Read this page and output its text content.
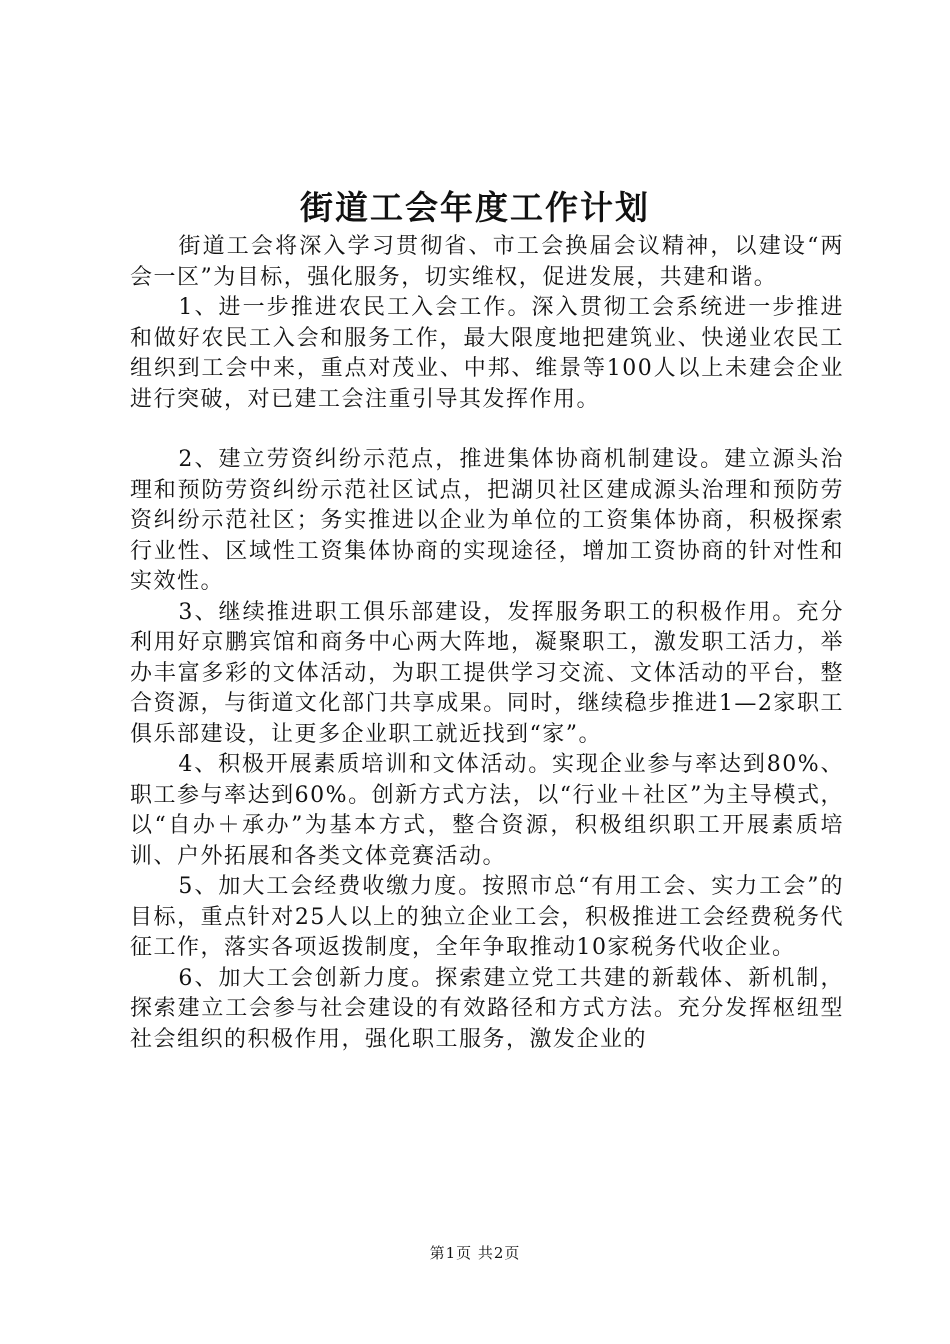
街道工会年度工作计划

街道工会将深入学习贯彻省、市工会换届会议精神，以建设“两会一区”为目标，强化服务，切实维权，促进发展，共建和谐。

1、进一步推进农民工入会工作。深入贯彻工会系统进一步推进和做好农民工入会和服务工作，最大限度地把建筑业、快递业农民工组织到工会中来，重点对茂业、中邦、维景等100人以上未建会企业进行突破，对已建工会注重引导其发挥作用。

2、建立劳资纠纷示范点，推进集体协商机制建设。建立源头治理和预防劳资纠纷示范社区试点，把湖贝社区建成源头治理和预防劳资纠纷示范社区；务实推进以企业为单位的工资集体协商，积极探索行业性、区域性工资集体协商的实现途径，增加工资协商的针对性和实效性。

3、继续推进职工俱乐部建设，发挥服务职工的积极作用。充分利用好京鹏宾馆和商务中心两大阵地，凝聚职工，激发职工活力，举办丰富多彩的文体活动，为职工提供学习交流、文体活动的平台，整合资源，与街道文化部门共享成果。同时，继续稳步推进1—2家职工俱乐部建设，让更多企业职工就近找到“家”。

4、积极开展素质培训和文体活动。实现企业参与率达到80%、职工参与率达到60%。创新方式方法，以“行业＋社区”为主导模式，以“自办＋承办”为基本方式，整合资源，积极组织职工开展素质培训、户外拓展和各类文体竞赛活动。

5、加大工会经费收缴力度。按照市总“有用工会、实力工会”的目标，重点针对25人以上的独立企业工会，积极推进工会经费税务代征工作，落实各项返拨制度，全年争取推动10家税务代收企业。

6、加大工会创新力度。探索建立党工共建的新载体、新机制，探索建立工会参与社会建设的有效路径和方式方法。充分发挥枢纽型社会组织的积极作用，强化职工服务，激发企业的

第1页 共2页
